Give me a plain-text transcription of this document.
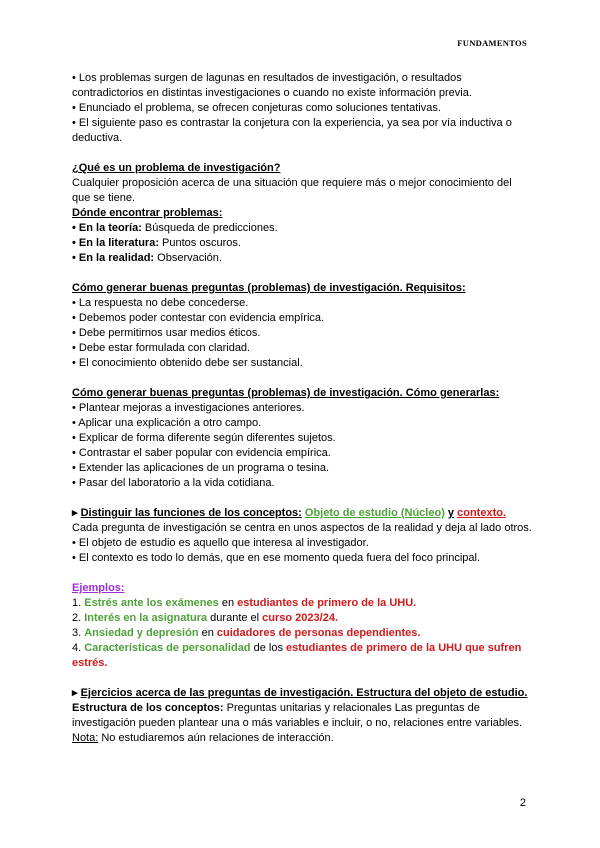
FUNDAMENTOS

• Los problemas surgen de lagunas en resultados de investigación, o resultados contradictorios en distintas investigaciones o cuando no existe información previa.

• Enunciado el problema, se ofrecen conjeturas como soluciones tentativas.

• El siguiente paso es contrastar la conjetura con la experiencia, ya sea por vía inductiva o deductiva.

¿Qué es un problema de investigación?

Cualquier proposición acerca de una situación que requiere más o mejor conocimiento del que se tiene.

Dónde encontrar problemas:

• En la teoría: Búsqueda de predicciones.

• En la literatura: Puntos oscuros.

• En la realidad: Observación.

Cómo generar buenas preguntas (problemas) de investigación. Requisitos:

• La respuesta no debe concederse.

• Debemos poder contestar con evidencia empírica.

• Debe permitirnos usar medios éticos.

• Debe estar formulada con claridad.

• El conocimiento obtenido debe ser sustancial.

Cómo generar buenas preguntas (problemas) de investigación. Cómo generarlas:

• Plantear mejoras a investigaciones anteriores.

• Aplicar una explicación a otro campo.

• Explicar de forma diferente según diferentes sujetos.

• Contrastar el saber popular con evidencia empírica.

• Extender las aplicaciones de un programa o tesina.

• Pasar del laboratorio a la vida cotidiana.

▸ Distinguir las funciones de los conceptos: Objeto de estudio (Núcleo) y contexto.

Cada pregunta de investigación se centra en unos aspectos de la realidad y deja al lado otros.

• El objeto de estudio es aquello que interesa al investigador.

• El contexto es todo lo demás, que en ese momento queda fuera del foco principal.

Ejemplos:

1. Estrés ante los exámenes en estudiantes de primero de la UHU.

2. Interés en la asignatura durante el curso 2023/24.

3. Ansiedad y depresión en cuidadores de personas dependientes.

4. Características de personalidad de los estudiantes de primero de la UHU que sufren estrés.

▸ Ejercicios acerca de las preguntas de investigación. Estructura del objeto de estudio.

Estructura de los conceptos: Preguntas unitarias y relacionales Las preguntas de investigación pueden plantear una o más variables e incluir, o no, relaciones entre variables.

Nota: No estudiaremos aún relaciones de interacción.

2
